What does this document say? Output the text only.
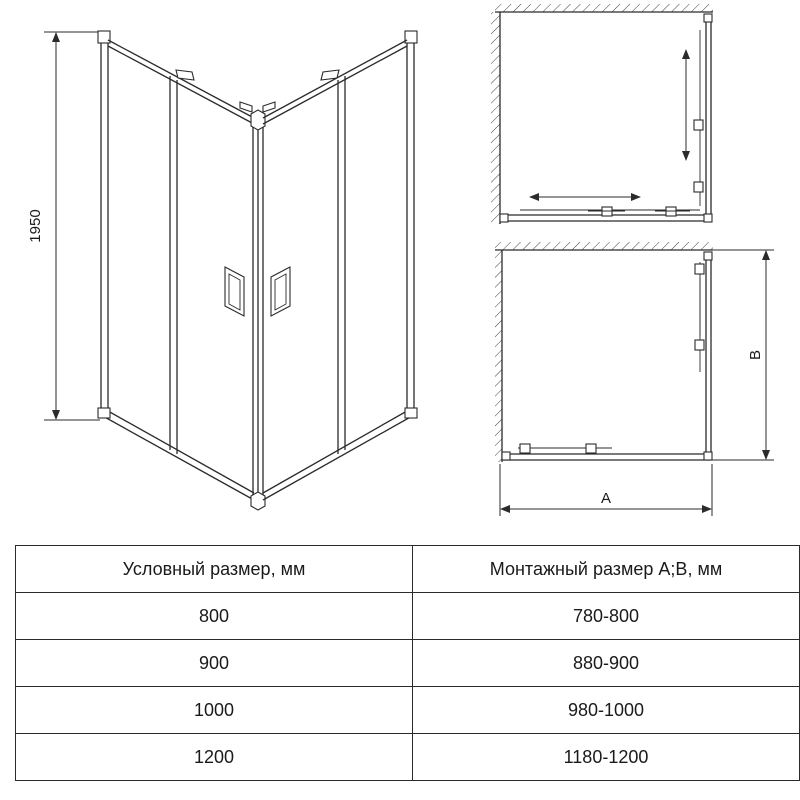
1950
B
A
Условный размер, мм	Монтажный размер A;B, мм
800	780-800
900	880-900
1000	980-1000
1200	1180-1200
